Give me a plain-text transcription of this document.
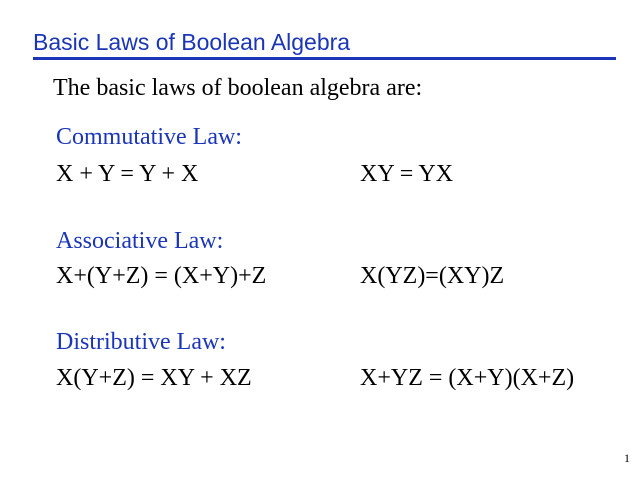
Basic Laws of Boolean Algebra
The basic laws of boolean algebra are:
Commutative Law:
X + Y = Y + X	XY = YX
Associative Law:
X+(Y+Z) = (X+Y)+Z	X(YZ)=(XY)Z
Distributive Law:
X(Y+Z) = XY + XZ	X+YZ = (X+Y)(X+Z)
1
